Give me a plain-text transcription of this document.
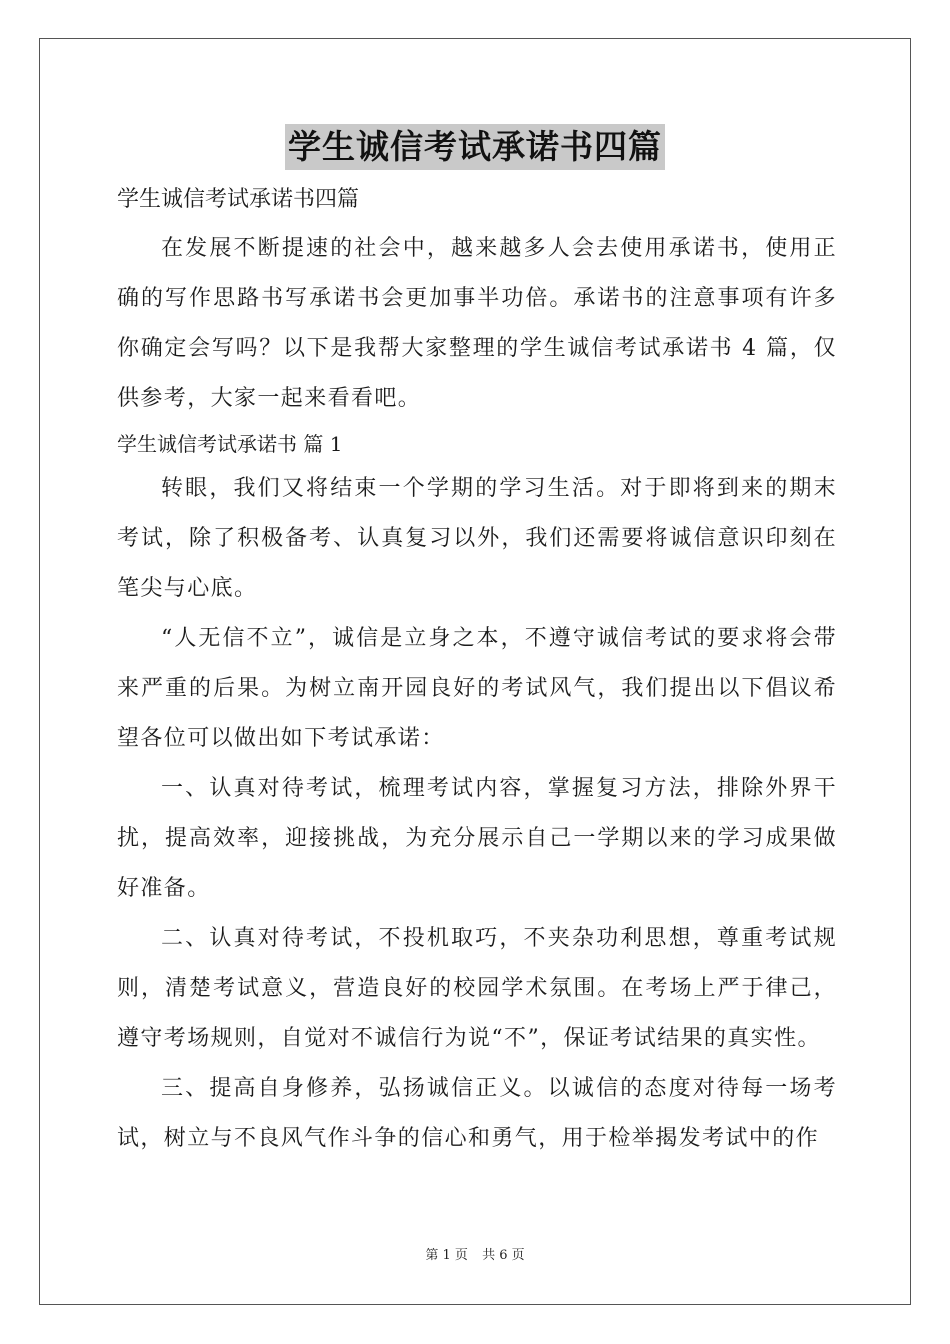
学生诚信考试承诺书四篇

学生诚信考试承诺书四篇

在发展不断提速的社会中，越来越多人会去使用承诺书，使用正确的写作思路书写承诺书会更加事半功倍。承诺书的注意事项有许多你确定会写吗？以下是我帮大家整理的学生诚信考试承诺书 4 篇，仅供参考，大家一起来看看吧。

学生诚信考试承诺书 篇 1

转眼，我们又将结束一个学期的学习生活。对于即将到来的期末考试，除了积极备考、认真复习以外，我们还需要将诚信意识印刻在笔尖与心底。

“人无信不立”，诚信是立身之本，不遵守诚信考试的要求将会带来严重的后果。为树立南开园良好的考试风气，我们提出以下倡议希望各位可以做出如下考试承诺：

一、认真对待考试，梳理考试内容，掌握复习方法，排除外界干扰，提高效率，迎接挑战，为充分展示自己一学期以来的学习成果做好准备。

二、认真对待考试，不投机取巧，不夹杂功利思想，尊重考试规则，清楚考试意义，营造良好的校园学术氛围。在考场上严于律己，遵守考场规则，自觉对不诚信行为说“不”，保证考试结果的真实性。

三、提高自身修养，弘扬诚信正义。以诚信的态度对待每一场考试，树立与不良风气作斗争的信心和勇气，用于检举揭发考试中的作

第 1 页 共 6 页
